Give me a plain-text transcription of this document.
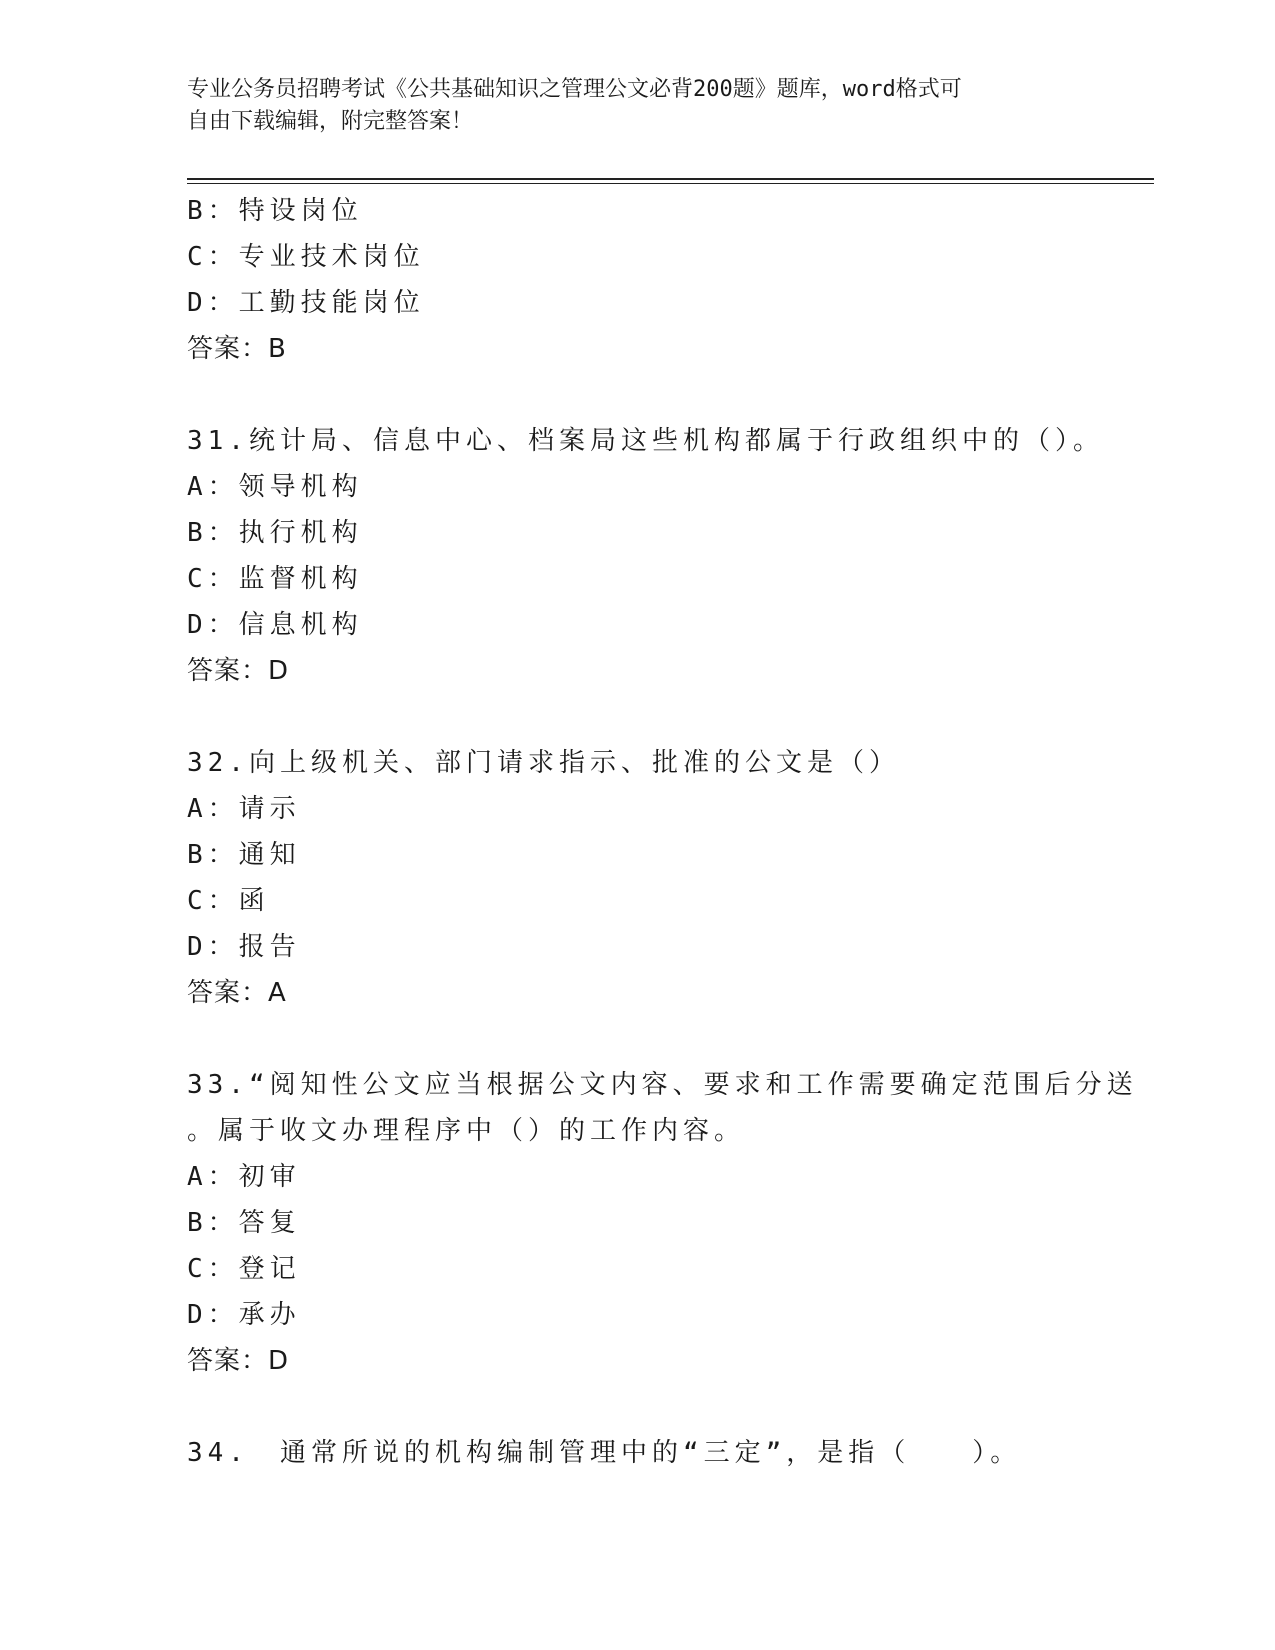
专业公务员招聘考试《公共基础知识之管理公文必背200题》题库，word格式可
自由下载编辑，附完整答案！
B：特设岗位
C：专业技术岗位
D：工勤技能岗位
答案：B
31.统计局、信息中心、档案局这些机构都属于行政组织中的（）。
A：领导机构
B：执行机构
C：监督机构
D：信息机构
答案：D
32.向上级机关、部门请求指示、批准的公文是（）
A：请示
B：通知
C：函
D：报告
答案：A
33.“阅知性公文应当根据公文内容、要求和工作需要确定范围后分送
。属于收文办理程序中（）的工作内容。
A：初审
B：答复
C：登记
D：承办
答案：D
34.　通常所说的机构编制管理中的“三定”，是指（　　）。
